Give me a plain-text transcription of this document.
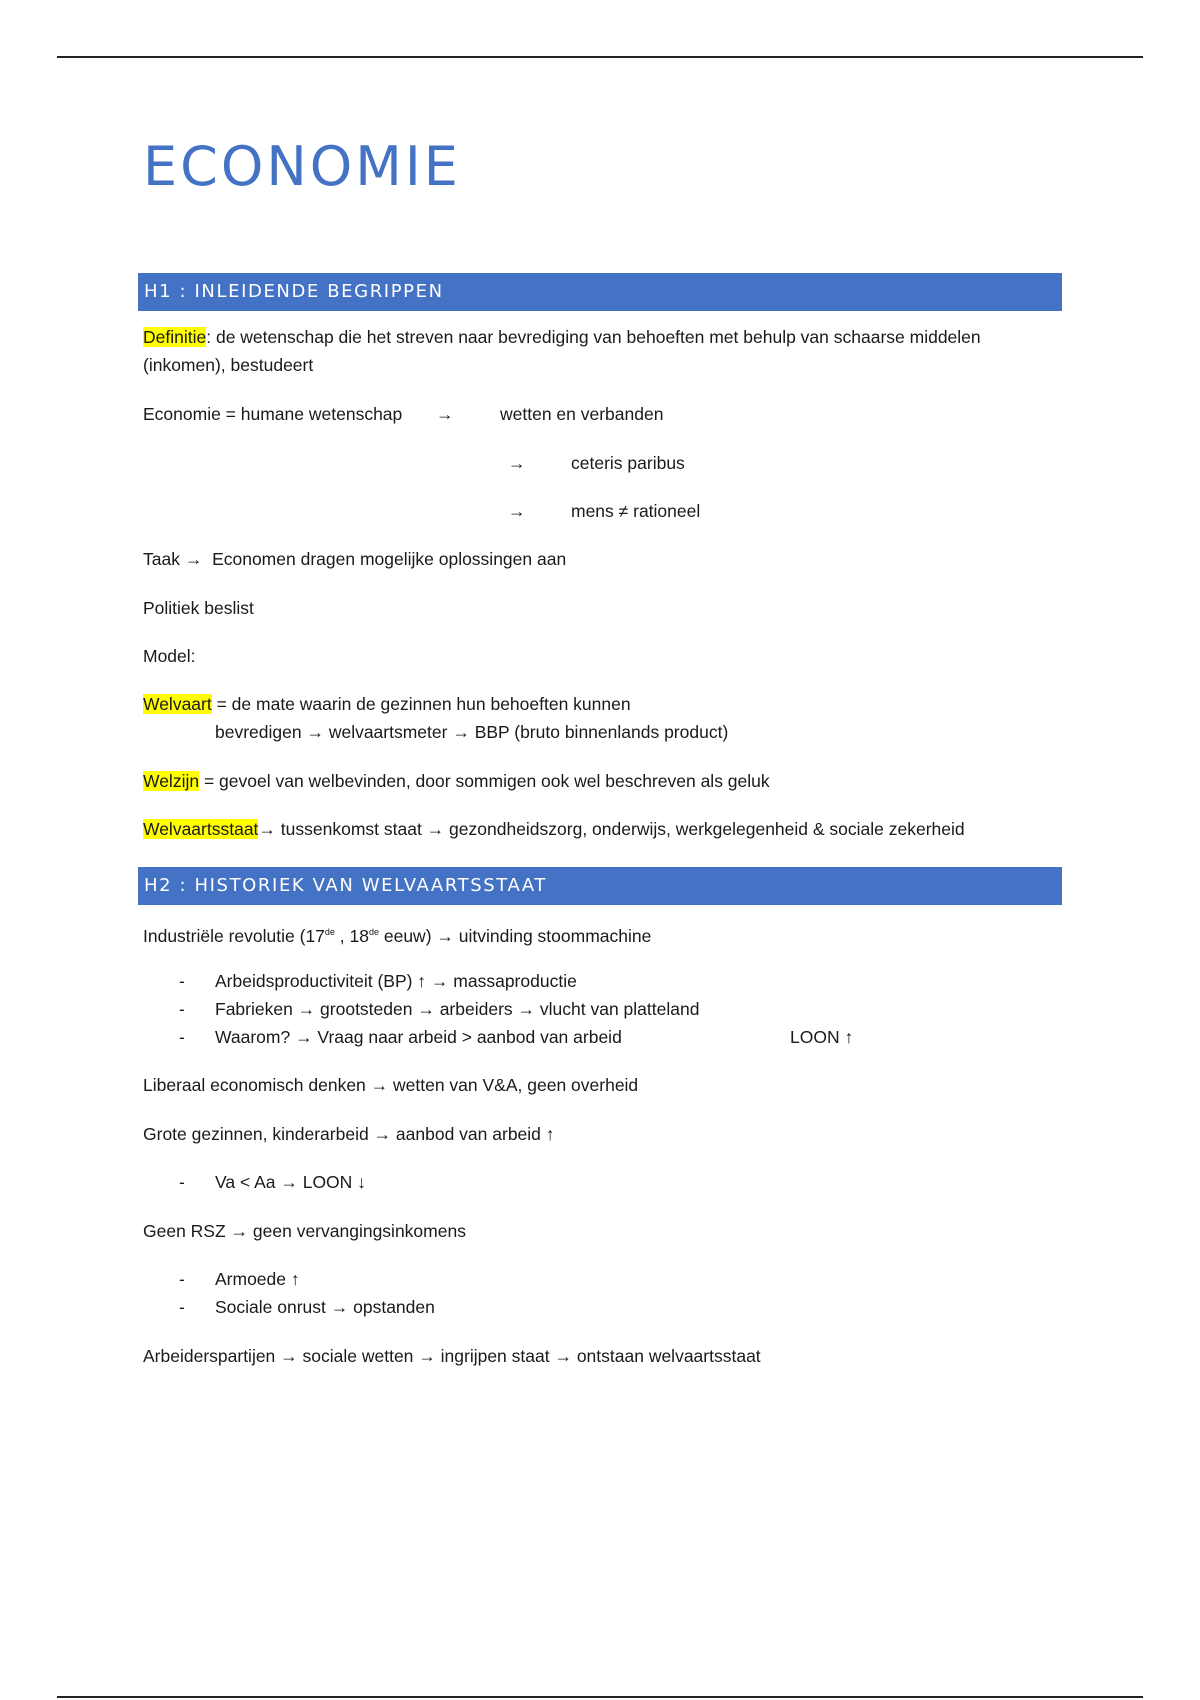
ECONOMIE
H1 : INLEIDENDE BEGRIPPEN

Definitie: de wetenschap die het streven naar bevrediging van behoeften met behulp van schaarse middelen

(inkomen), bestudeert

Economie = humane wetenschap →	wetten en verbanden
→	ceteris paribus
→	mens ≠ rationeel

Taak → Economen dragen mogelijke oplossingen aan

Politiek beslist

Model:

Welvaart = de mate waarin de gezinnen hun behoeften kunnen

bevredigen → welvaartsmeter → BBP (bruto binnenlands product)

Welzijn = gevoel van welbevinden, door sommigen ook wel beschreven als geluk

Welvaartsstaat→ tussenkomst staat → gezondheidszorg, onderwijs, werkgelegenheid & sociale zekerheid

H2 : HISTORIEK VAN WELVAARTSSTAAT

Industriële revolutie (17de , 18de eeuw) → uitvinding stoommachine

- Arbeidsproductiviteit (BP) ↑ → massaproductie
- Fabrieken → grootsteden → arbeiders → vlucht van platteland
- Waarom? → Vraag naar arbeid > aanbod van arbeid	LOON ↑

Liberaal economisch denken → wetten van V&A, geen overheid

Grote gezinnen, kinderarbeid → aanbod van arbeid ↑

- Va < Aa → LOON ↓

Geen RSZ → geen vervangingsinkomens

- Armoede ↑
- Sociale onrust → opstanden

Arbeiderspartijen → sociale wetten → ingrijpen staat → ontstaan welvaartsstaat
